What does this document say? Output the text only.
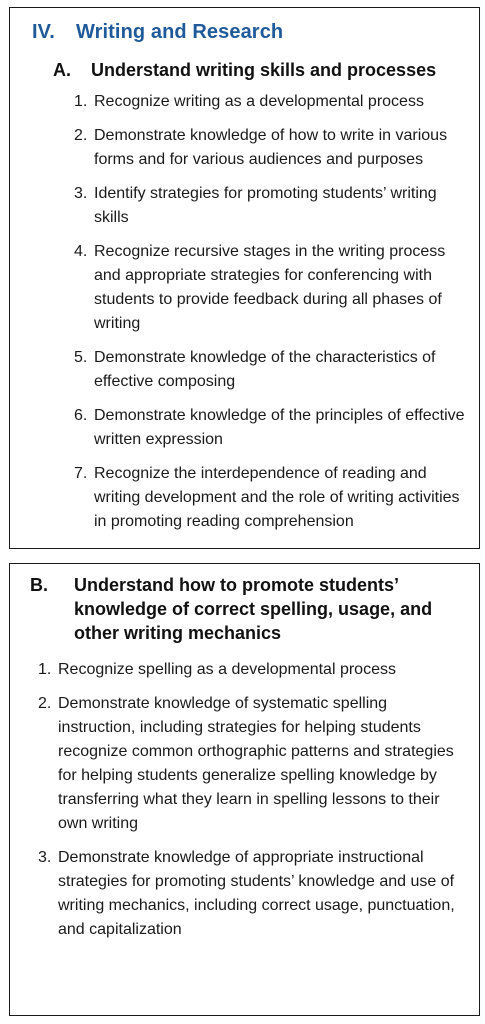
IV. Writing and Research
A. Understand writing skills and processes
1. Recognize writing as a developmental process
2. Demonstrate knowledge of how to write in various forms and for various audiences and purposes
3. Identify strategies for promoting students’ writing skills
4. Recognize recursive stages in the writing process and appropriate strategies for conferencing with students to provide feedback during all phases of writing
5. Demonstrate knowledge of the characteristics of effective composing
6. Demonstrate knowledge of the principles of effective written expression
7. Recognize the interdependence of reading and writing development and the role of writing activities in promoting reading comprehension
B. Understand how to promote students’ knowledge of correct spelling, usage, and other writing mechanics
1. Recognize spelling as a developmental process
2. Demonstrate knowledge of systematic spelling instruction, including strategies for helping students recognize common orthographic patterns and strategies for helping students generalize spelling knowledge by transferring what they learn in spelling lessons to their own writing
3. Demonstrate knowledge of appropriate instructional strategies for promoting students’ knowledge and use of writing mechanics, including correct usage, punctuation, and capitalization
